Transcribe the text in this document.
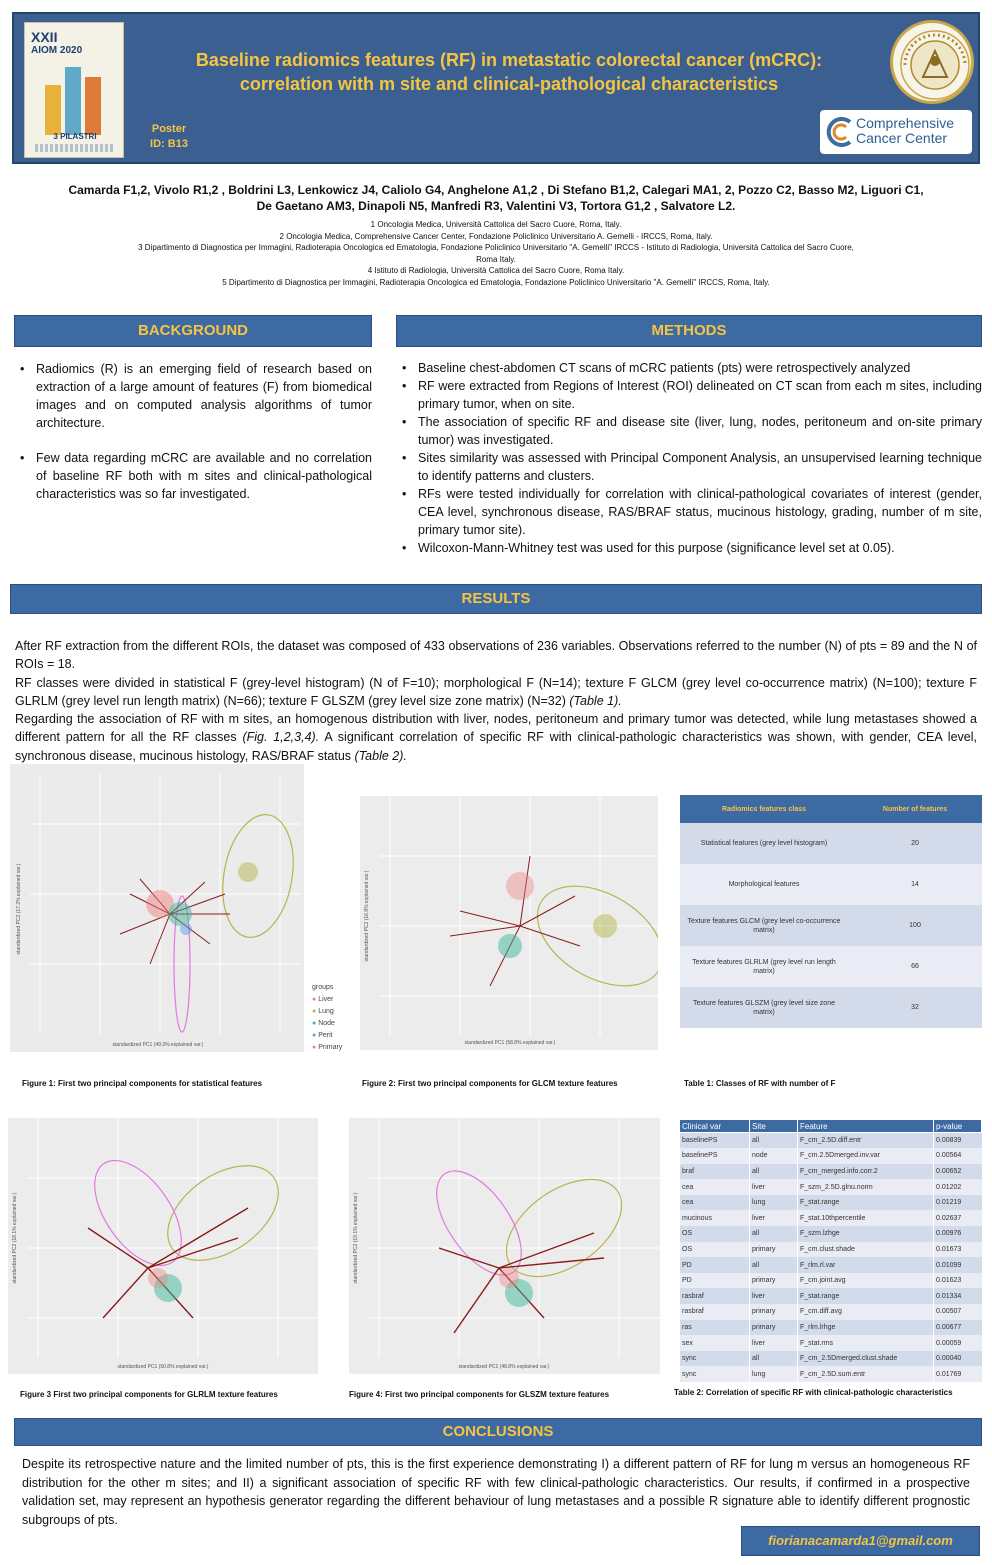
XXII
AIOM 2020
3 PILASTRI
Baseline radiomics features (RF) in metastatic colorectal cancer (mCRC):
correlation with m site and clinical-pathological characteristics
Poster
ID: B13
Comprehensive
Cancer Center
Camarda F1,2, Vivolo R1,2 , Boldrini L3, Lenkowicz J4, Caliolo G4, Anghelone A1,2 , Di Stefano B1,2, Calegari MA1, 2, Pozzo C2, Basso M2, Liguori C1,
De Gaetano AM3, Dinapoli N5, Manfredi R3, Valentini V3, Tortora G1,2 , Salvatore L2.
1 Oncologia Medica, Università Cattolica del Sacro Cuore, Roma, Italy.
2 Oncologia Medica, Comprehensive Cancer Center, Fondazione Policlinico Universitario A. Gemelli - IRCCS, Roma, Italy.
3 Dipartimento di Diagnostica per Immagini, Radioterapia Oncologica ed Ematologia, Fondazione Policlinico Universitario "A. Gemelli" IRCCS - Istituto di Radiologia, Università Cattolica del Sacro Cuore,
Roma Italy.
4 Istituto di Radiologia, Università Cattolica del Sacro Cuore, Roma Italy.
5 Dipartimento di Diagnostica per Immagini, Radioterapia Oncologica ed Ematologia, Fondazione Policlinico Universitario "A. Gemelli" IRCCS, Roma, Italy.
BACKGROUND
• Radiomics (R) is an emerging field of research based on extraction of a large amount of features (F) from biomedical images and on computed analysis algorithms of tumor architecture.
• Few data regarding mCRC are available and no correlation of baseline RF both with m sites and clinical-pathological characteristics was so far investigated.
METHODS
• Baseline chest-abdomen CT scans of mCRC patients (pts) were retrospectively analyzed
• RF were extracted from Regions of Interest (ROI) delineated on CT scan from each m sites, including primary tumor, when on site.
• The association of specific RF and disease site (liver, lung, nodes, peritoneum and on-site primary tumor) was investigated.
• Sites similarity was assessed with Principal Component Analysis, an unsupervised learning technique to identify patterns and clusters.
• RFs were tested individually for correlation with clinical-pathological covariates of interest (gender, CEA level, synchronous disease, RAS/BRAF status, mucinous histology, grading, number of m site, primary tumor site).
• Wilcoxon-Mann-Whitney test was used for this purpose (significance level set at 0.05).
RESULTS

After RF extraction from the different ROIs, the dataset was composed of 433 observations of 236 variables. Observations referred to the number (N) of pts = 89 and the N of ROIs = 18.

RF classes were divided in statistical F (grey-level histogram) (N of F=10); morphological F (N=14); texture F GLCM (grey level co-occurrence matrix) (N=100); texture F GLRLM (grey level run length matrix) (N=66); texture F GLSZM (grey level size zone matrix) (N=32) (Table 1).

Regarding the association of RF with m sites, an homogenous distribution with liver, nodes, peritoneum and primary tumor was detected, while lung metastases showed a different pattern for all the RF classes (Fig. 1,2,3,4). A significant correlation of specific RF with clinical-pathologic characteristics was shown, with gender, CEA level, synchronous disease, mucinous histology, RAS/BRAF status (Table 2).

standardized PC1 (49.3% explained var.)
standardized PC2 (17.2% explained var.)
groups
● Liver
● Lung
● Node
● Perit
● Primary
standardized PC1 (58.8% explained var.)
standardized PC2 (16.8% explained var.)
standardized PC1 (50.8% explained var.)
standardized PC2 (18.1% explained var.)
standardized PC1 (48.8% explained var.)
standardized PC2 (19.1% explained var.)
Figure 1: First two principal components for statistical features	Figure 2: First two principal components for GLCM texture features	Table 1: Classes of RF with number of F
Figure 3 First two principal components for GLRLM texture features	Figure 4: First two principal components for GLSZM texture features	Table 2: Correlation of specific RF with clinical-pathologic characteristics
Radiomics features class	Number of features
Statistical features (grey level histogram)	20
Morphological features	14
Texture features GLCM (grey level co-occurrence matrix)	100
Texture features GLRLM (grey level run length matrix)	66
Texture features GLSZM (grey level size zone matrix)	32
Clinical var	Site	Feature	p-value
baselinePS	all	F_cm_2.5D.diff.entr	0.00839
baselinePS	node	F_cm.2.5Dmerged.inv.var	0.00564
braf	all	F_cm_merged.info.corr.2	0.00652
cea	liver	F_szm_2.5D.glnu.norm	0.01202
cea	lung	F_stat.range	0.01219
mucinous	liver	F_stat.10thpercentile	0.02637
OS	all	F_szm.lzhge	0.00976
OS	primary	F_cm.clust.shade	0.01673
PD	all	F_rlm.rl.var	0.01099
PD	primary	F_cm.joint.avg	0.01623
rasbraf	liver	F_stat.range	0.01334
rasbraf	primary	F_cm.diff.avg	0.00507
ras	primary	F_rlm.lrhge	0.00677
sex	liver	F_stat.rms	0.00059
sync	all	F_cm_2.5Dmerged.clust.shade	0.00040
sync	lung	F_cm_2.5D.sum.entr	0.01769
CONCLUSIONS
Despite its retrospective nature and the limited number of pts, this is the first experience demonstrating I) a different pattern of RF for lung m versus an homogeneous RF distribution for the other m sites; and II) a significant association of specific RF with few clinical-pathologic characteristics. Our results, if confirmed in a prospective validation set, may represent an hypothesis generator regarding the different behaviour of lung metastases and a possible R signature able to identify different prognostic subgroups of pts.
fiorianacamarda1@gmail.com
